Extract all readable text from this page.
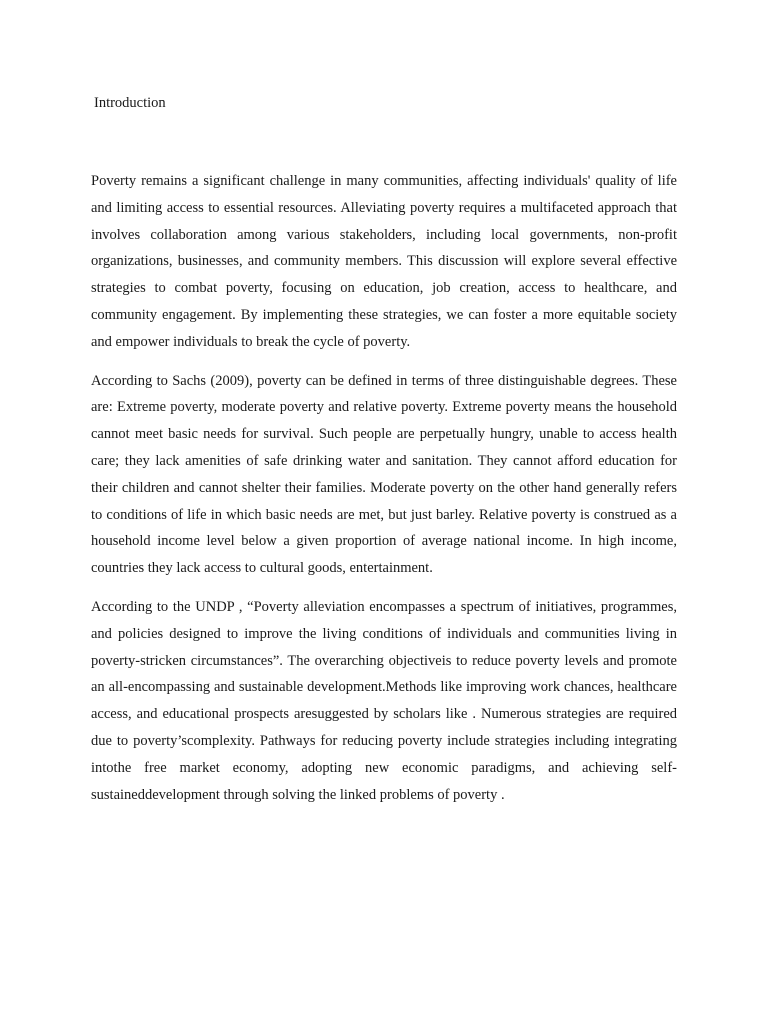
Introduction

Poverty remains a significant challenge in many communities, affecting individuals' quality of life and limiting access to essential resources. Alleviating poverty requires a multifaceted approach that involves collaboration among various stakeholders, including local governments, non-profit organizations, businesses, and community members. This discussion will explore several effective strategies to combat poverty, focusing on education, job creation, access to healthcare, and community engagement. By implementing these strategies, we can foster a more equitable society and empower individuals to break the cycle of poverty.

According to Sachs (2009), poverty can be defined in terms of three distinguishable degrees. These are: Extreme poverty, moderate poverty and relative poverty. Extreme poverty means the household cannot meet basic needs for survival. Such people are perpetually hungry, unable to access health care; they lack amenities of safe drinking water and sanitation. They cannot afford education for their children and cannot shelter their families. Moderate poverty on the other hand generally refers to conditions of life in which basic needs are met, but just barley. Relative poverty is construed as a household income level below a given proportion of average national income. In high income, countries they lack access to cultural goods, entertainment.

According to the UNDP , “Poverty alleviation encompasses a spectrum of initiatives, programmes, and policies designed to improve the living conditions of individuals and communities living in poverty-stricken circumstances”. The overarching objectiveis to reduce poverty levels and promote an all-encompassing and sustainable development.Methods like improving work chances, healthcare access, and educational prospects aresuggested by scholars like . Numerous strategies are required due to poverty’scomplexity. Pathways for reducing poverty include strategies including integrating intothe free market economy, adopting new economic paradigms, and achieving self-sustaineddevelopment through solving the linked problems of poverty .
